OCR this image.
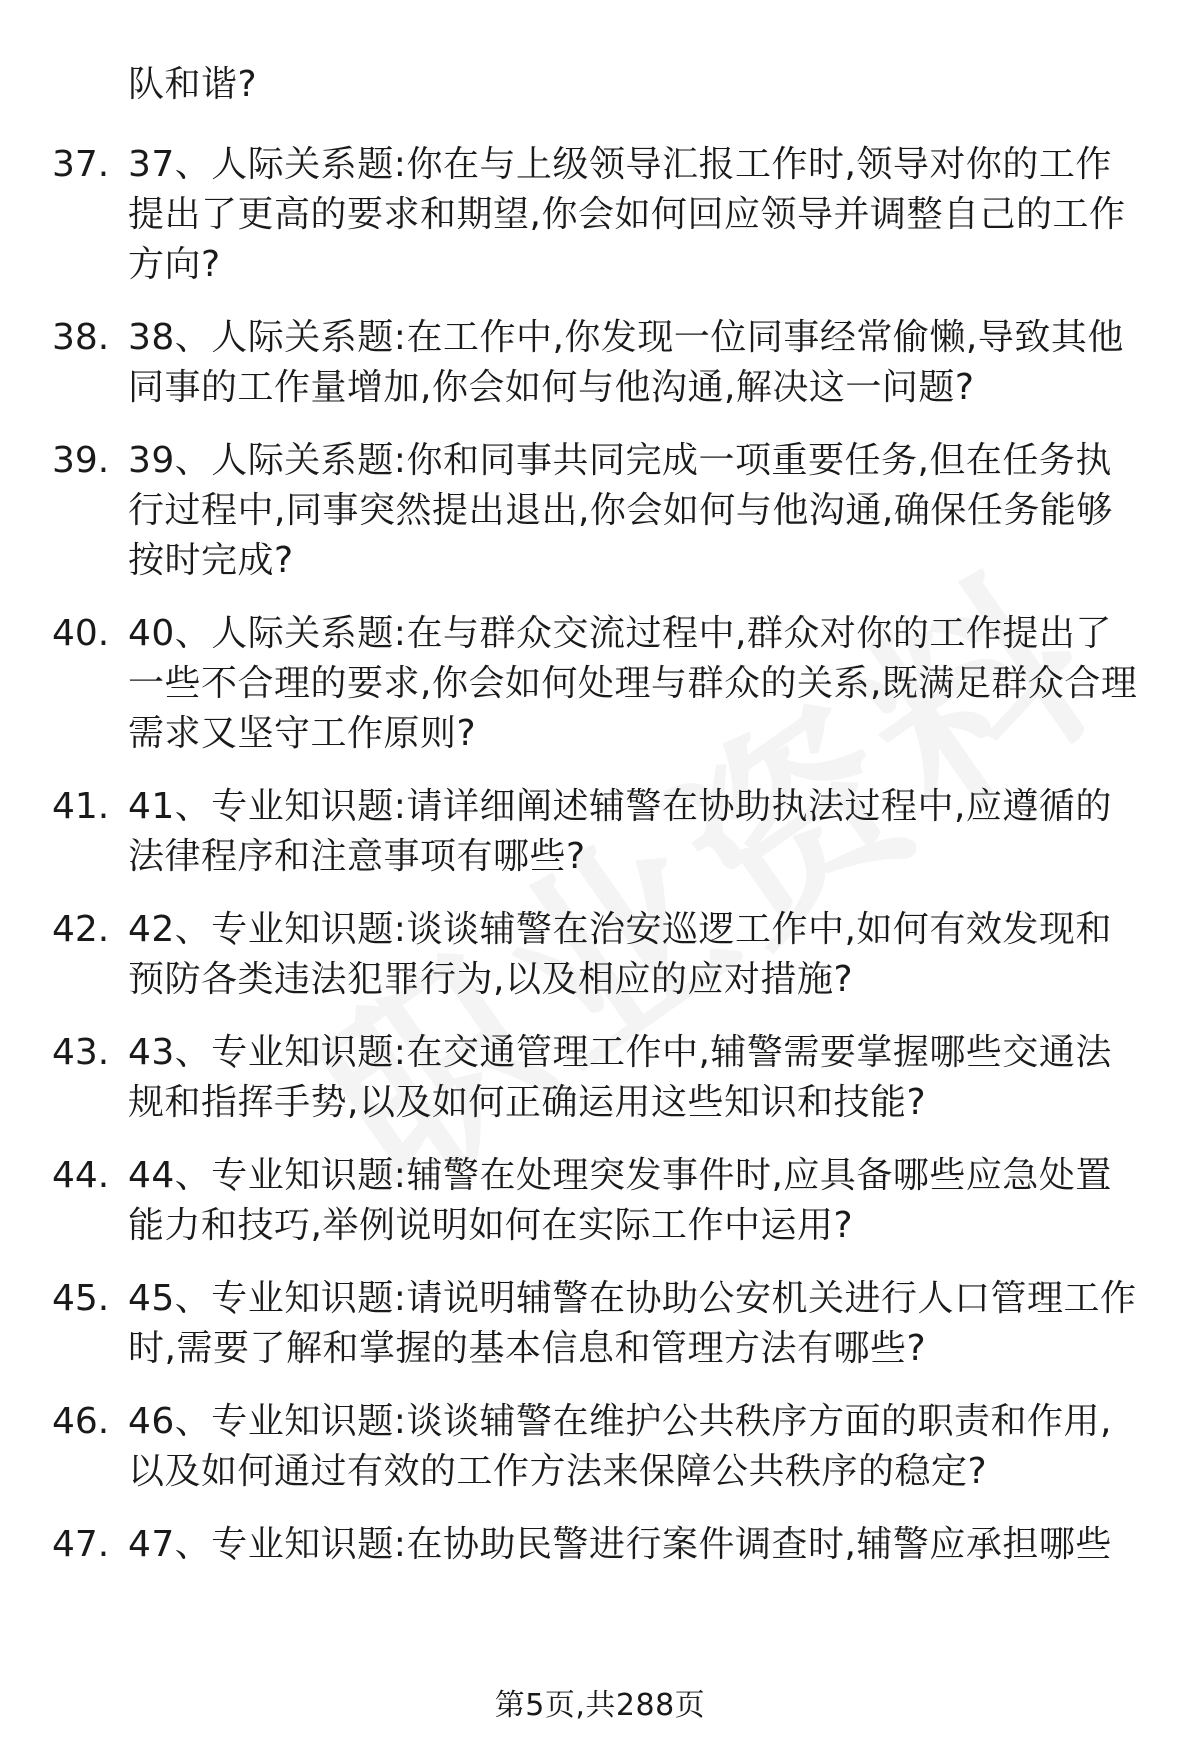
队和谐?
37. 37、人际关系题:你在与上级领导汇报工作时,领导对你的工作提出了更高的要求和期望,你会如何回应领导并调整自己的工作方向?
38. 38、人际关系题:在工作中,你发现一位同事经常偷懒,导致其他同事的工作量增加,你会如何与他沟通,解决这一问题?
39. 39、人际关系题:你和同事共同完成一项重要任务,但在任务执行过程中,同事突然提出退出,你会如何与他沟通,确保任务能够按时完成?
40. 40、人际关系题:在与群众交流过程中,群众对你的工作提出了一些不合理的要求,你会如何处理与群众的关系,既满足群众合理需求又坚守工作原则?
41. 41、专业知识题:请详细阐述辅警在协助执法过程中,应遵循的法律程序和注意事项有哪些?
42. 42、专业知识题:谈谈辅警在治安巡逻工作中,如何有效发现和预防各类违法犯罪行为,以及相应的应对措施?
43. 43、专业知识题:在交通管理工作中,辅警需要掌握哪些交通法规和指挥手势,以及如何正确运用这些知识和技能?
44. 44、专业知识题:辅警在处理突发事件时,应具备哪些应急处置能力和技巧,举例说明如何在实际工作中运用?
45. 45、专业知识题:请说明辅警在协助公安机关进行人口管理工作时,需要了解和掌握的基本信息和管理方法有哪些?
46. 46、专业知识题:谈谈辅警在维护公共秩序方面的职责和作用,以及如何通过有效的工作方法来保障公共秩序的稳定?
47. 47、专业知识题:在协助民警进行案件调查时,辅警应承担哪些
第5页,共288页
